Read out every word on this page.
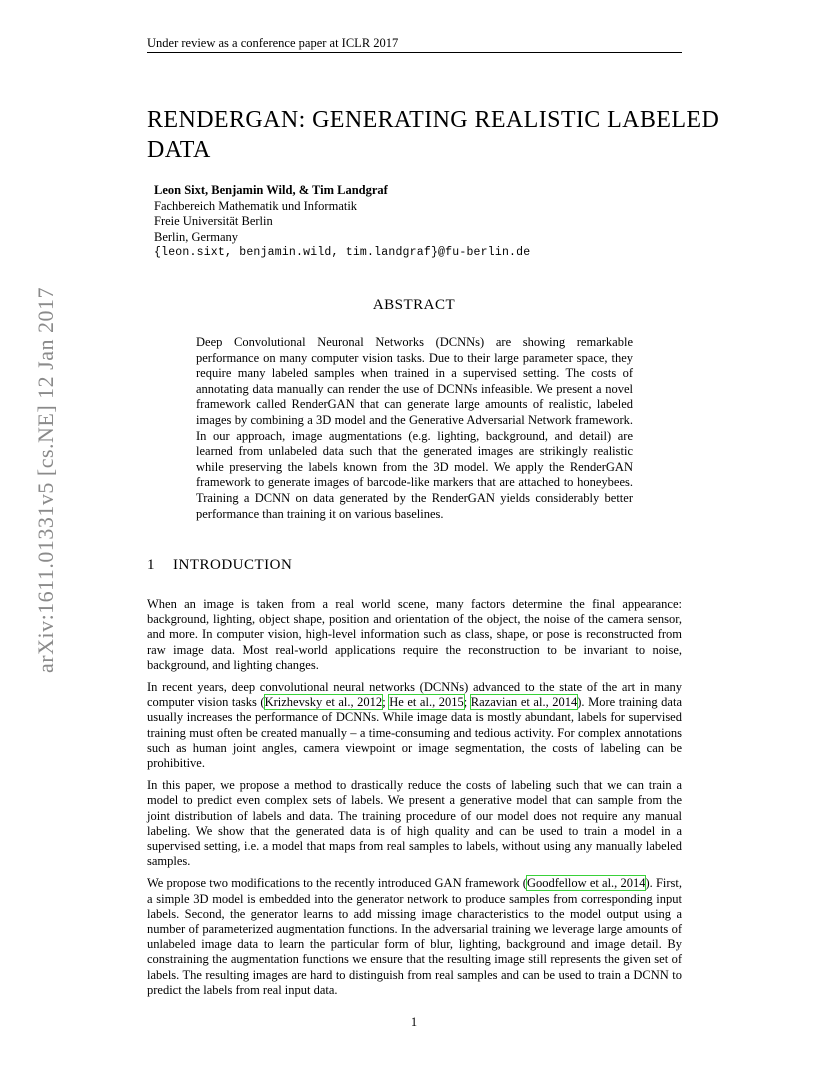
Under review as a conference paper at ICLR 2017
arXiv:1611.01331v5 [cs.NE] 12 Jan 2017
RENDERGAN: GENERATING REALISTIC LABELED
DATA
Leon Sixt, Benjamin Wild, & Tim Landgraf
Fachbereich Mathematik und Informatik
Freie Universität Berlin
Berlin, Germany
{leon.sixt, benjamin.wild, tim.landgraf}@fu-berlin.de
ABSTRACT
Deep Convolutional Neuronal Networks (DCNNs) are showing remarkable performance on many computer vision tasks. Due to their large parameter space, they require many labeled samples when trained in a supervised setting. The costs of annotating data manually can render the use of DCNNs infeasible. We present a novel framework called RenderGAN that can generate large amounts of realistic, labeled images by combining a 3D model and the Generative Adversarial Network framework. In our approach, image augmentations (e.g. lighting, background, and detail) are learned from unlabeled data such that the generated images are strikingly realistic while preserving the labels known from the 3D model. We apply the RenderGAN framework to generate images of barcode-like markers that are attached to honeybees. Training a DCNN on data generated by the RenderGAN yields considerably better performance than training it on various baselines.
1 INTRODUCTION

When an image is taken from a real world scene, many factors determine the final appearance: background, lighting, object shape, position and orientation of the object, the noise of the camera sensor, and more. In computer vision, high-level information such as class, shape, or pose is reconstructed from raw image data. Most real-world applications require the reconstruction to be invariant to noise, background, and lighting changes.

In recent years, deep convolutional neural networks (DCNNs) advanced to the state of the art in many computer vision tasks (Krizhevsky et al., 2012; He et al., 2015; Razavian et al., 2014). More training data usually increases the performance of DCNNs. While image data is mostly abundant, labels for supervised training must often be created manually – a time-consuming and tedious activity. For complex annotations such as human joint angles, camera viewpoint or image segmentation, the costs of labeling can be prohibitive.

In this paper, we propose a method to drastically reduce the costs of labeling such that we can train a model to predict even complex sets of labels. We present a generative model that can sample from the joint distribution of labels and data. The training procedure of our model does not require any manual labeling. We show that the generated data is of high quality and can be used to train a model in a supervised setting, i.e. a model that maps from real samples to labels, without using any manually labeled samples.

We propose two modifications to the recently introduced GAN framework (Goodfellow et al., 2014). First, a simple 3D model is embedded into the generator network to produce samples from corresponding input labels. Second, the generator learns to add missing image characteristics to the model output using a number of parameterized augmentation functions. In the adversarial training we leverage large amounts of unlabeled image data to learn the particular form of blur, lighting, background and image detail. By constraining the augmentation functions we ensure that the resulting image still represents the given set of labels. The resulting images are hard to distinguish from real samples and can be used to train a DCNN to predict the labels from real input data.

1
